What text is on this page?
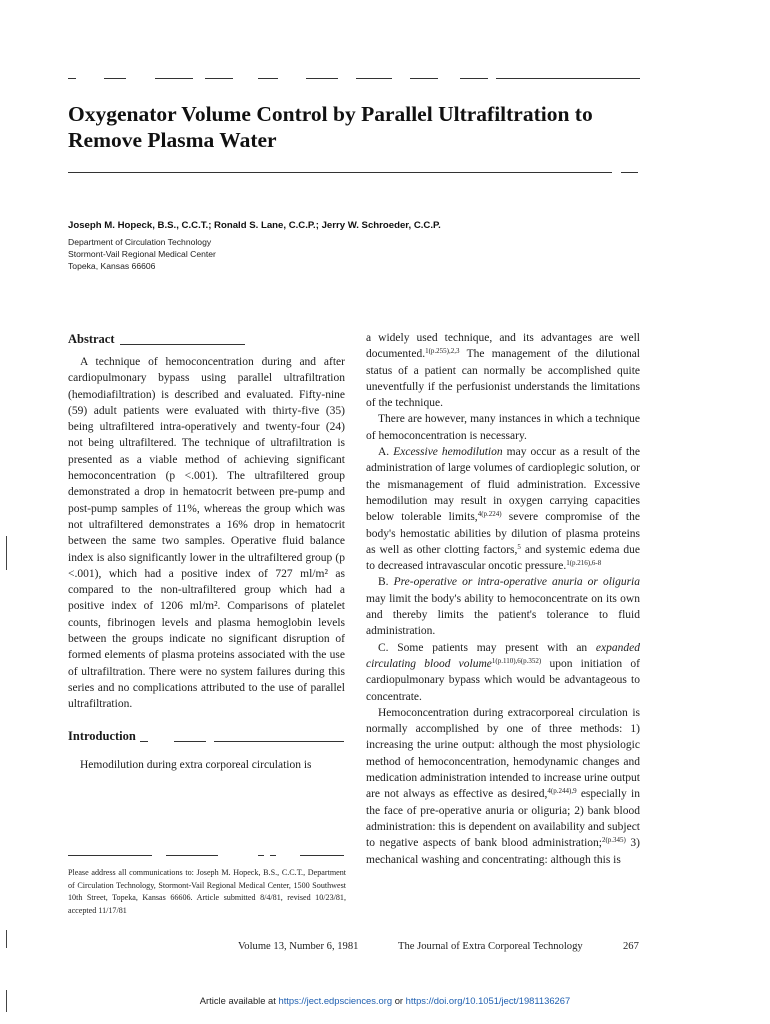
Oxygenator Volume Control by Parallel Ultrafiltration to
Remove Plasma Water
Joseph M. Hopeck, B.S., C.C.T.; Ronald S. Lane, C.C.P.; Jerry W. Schroeder, C.C.P.
Department of Circulation Technology
Stormont-Vail Regional Medical Center
Topeka, Kansas 66606
Abstract

A technique of hemoconcentration during and after cardiopulmonary bypass using parallel ultrafiltration (hemodiafiltration) is described and evaluated. Fifty-nine (59) adult patients were evaluated with thirty-five (35) being ultrafiltered intra-operatively and twenty-four (24) not being ultrafiltered. The technique of ultrafiltration is presented as a viable method of achieving significant hemoconcentration (p <.001). The ultrafiltered group demonstrated a drop in hematocrit between pre-pump and post-pump samples of 11%, whereas the group which was not ultrafiltered demonstrates a 16% drop in hematocrit between the same two samples. Operative fluid balance index is also significantly lower in the ultrafiltered group (p <.001), which had a positive index of 727 ml/m² as compared to the non-ultrafiltered group which had a positive index of 1206 ml/m². Comparisons of platelet counts, fibrinogen levels and plasma hemoglobin levels between the groups indicate no significant disruption of formed elements of plasma proteins associated with the use of ultrafiltration. There were no system failures during this series and no complications attributed to the use of parallel ultrafiltration.

Introduction

Hemodilution during extra corporeal circulation is

Please address all communications to: Joseph M. Hopeck, B.S., C.C.T., Department of Circulation Technology, Stormont-Vail Regional Medical Center, 1500 Southwest 10th Street, Topeka, Kansas 66606. Article submitted 8/4/81, revised 10/23/81, accepted 11/17/81

a widely used technique, and its advantages are well documented.$^{1(p.255),2,3}$ The management of the dilutional status of a patient can normally be accomplished quite uneventfully if the perfusionist understands the limitations of the technique.

There are however, many instances in which a technique of hemoconcentration is necessary.

A. Excessive hemodilution may occur as a result of the administration of large volumes of cardioplegic solution, or the mismanagement of fluid administration. Excessive hemodilution may result in oxygen carrying capacities below tolerable limits,$^{4(p.224)}$ severe compromise of the body's hemostatic abilities by dilution of plasma proteins as well as other clotting factors,$^5$ and systemic edema due to decreased intravascular oncotic pressure.$^{1(p.216),6-8}$

B. Pre-operative or intra-operative anuria or oliguria may limit the body's ability to hemoconcentrate on its own and thereby limits the patient's tolerance to fluid administration.

C. Some patients may present with an expanded circulating blood volume$^{1(p.110),6(p.352)}$ upon initiation of cardiopulmonary bypass which would be advantageous to concentrate.

Hemoconcentration during extracorporeal circulation is normally accomplished by one of three methods: 1) increasing the urine output: although the most physiologic method of hemoconcentration, hemodynamic changes and medication administration intended to increase urine output are not always as effective as desired,$^{4(p.244),9}$ especially in the face of pre-operative anuria or oliguria; 2) bank blood administration: this is dependent on availability and subject to negative aspects of bank blood administration;$^{2(p.345)}$ 3) mechanical washing and concentrating: although this is

Volume 13, Number 6, 1981	The Journal of Extra Corporeal Technology	267
Article available at https://ject.edpsciences.org or https://doi.org/10.1051/ject/1981136267
